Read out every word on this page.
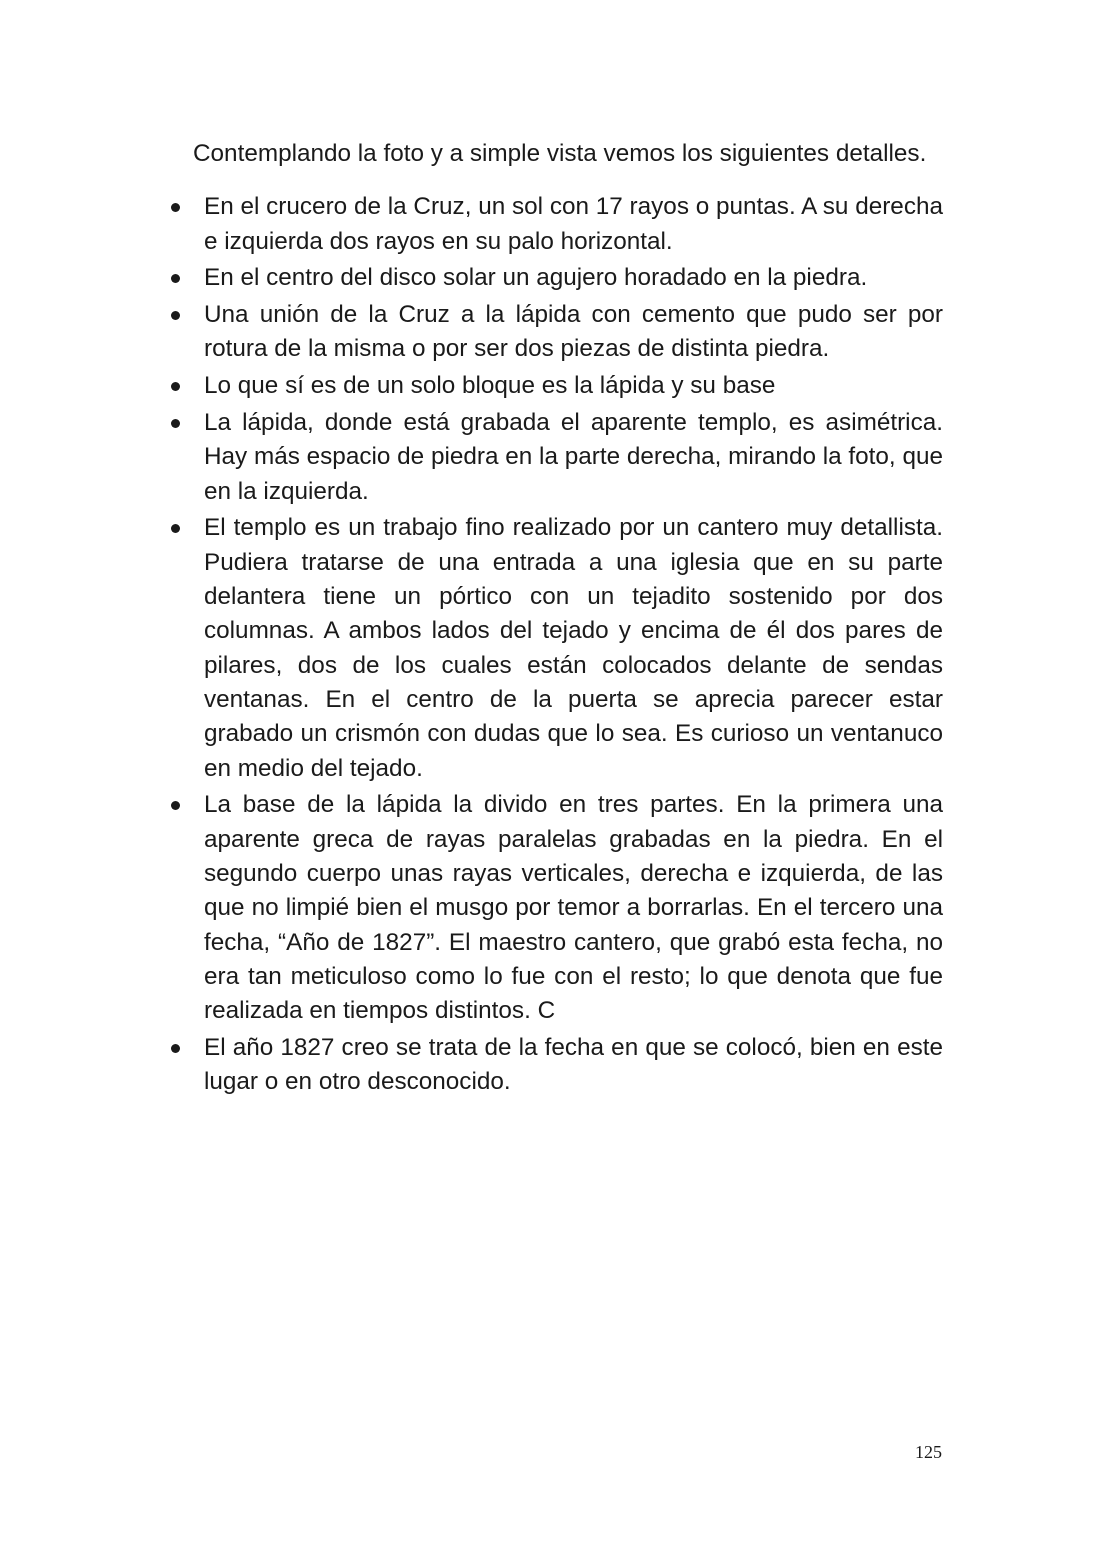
Contemplando la foto y a simple vista vemos los siguientes detalles.

En el crucero de la Cruz, un sol con 17 rayos o puntas. A su derecha e izquierda dos rayos en su palo horizontal.
En el centro del disco solar un agujero horadado en la piedra.
Una unión de la Cruz a la lápida con cemento que pudo ser por rotura de la misma o por ser dos piezas de distinta piedra.
Lo que sí es de un solo bloque es la lápida y su base
La lápida, donde está grabada el aparente templo, es asimétrica. Hay más espacio de piedra en la parte derecha, mirando la foto, que en la izquierda.
El templo es un trabajo fino realizado por un cantero muy detallista. Pudiera tratarse de una entrada a una iglesia que en su parte delantera tiene un pórtico con un tejadito sostenido por dos columnas. A ambos lados del tejado y encima de él dos pares de pilares, dos de los cuales están colocados delante de sendas ventanas. En el centro de la puerta se aprecia parecer estar grabado un crismón con dudas que lo sea. Es curioso un ventanuco en medio del tejado.
La base de la lápida la divido en tres partes. En la primera una aparente greca de rayas paralelas grabadas en la piedra. En el segundo cuerpo unas rayas verticales, derecha e izquierda, de las que no limpié bien el musgo por temor a borrarlas. En el tercero una fecha, “Año de 1827”. El maestro cantero, que grabó esta fecha, no era tan meticuloso como lo fue con el resto; lo que denota que fue realizada en tiempos distintos. C
El año 1827 creo se trata de la fecha en que se colocó, bien en este lugar o en otro desconocido.
125
